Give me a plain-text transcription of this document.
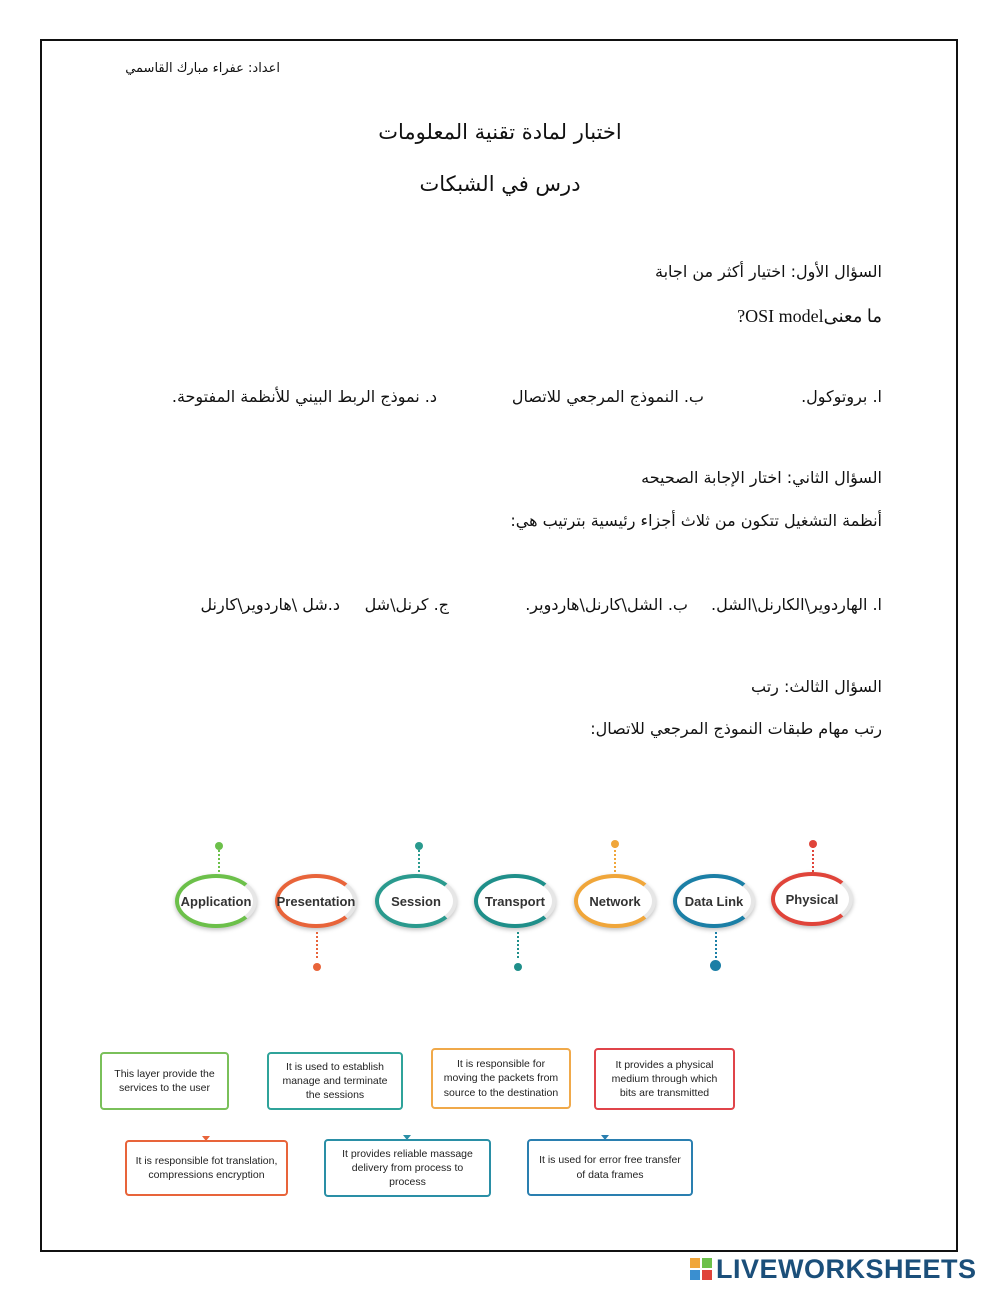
اعداد: عفراء مبارك القاسمي
اختبار لمادة تقنية المعلومات
درس في الشبكات
السؤال الأول: اختيار أكثر من اجابة
?OSI modelما معنى
ا. بروتوكول.
ب. النموذج المرجعي للاتصال
د. نموذج الربط البيني للأنظمة المفتوحة.
السؤال الثاني: اختار الإجابة الصحيحه
أنظمة التشغيل تتكون من ثلاث أجزاء رئيسية بترتيب هي:
ا. الهاردوير\الكارنل\الشل.
ب. الشل\كارنل\هاردوير.
ج. كرنل\شل
د.شل \هاردوير\كارنل
السؤال الثالث: رتب
رتب مهام طبقات النموذج المرجعي للاتصال:
Application	Presentation	Session	Transport	Network	Data Link	Physical
This layer provide the services to the user
It is used to establish manage and terminate the sessions
It is responsible for moving the packets from source to the destination
It provides a physical medium through which bits are transmitted
It is responsible fot translation, compressions encryption
It provides reliable massage delivery from process to process
It is used for error free transfer of data frames
LIVEWORKSHEETS
